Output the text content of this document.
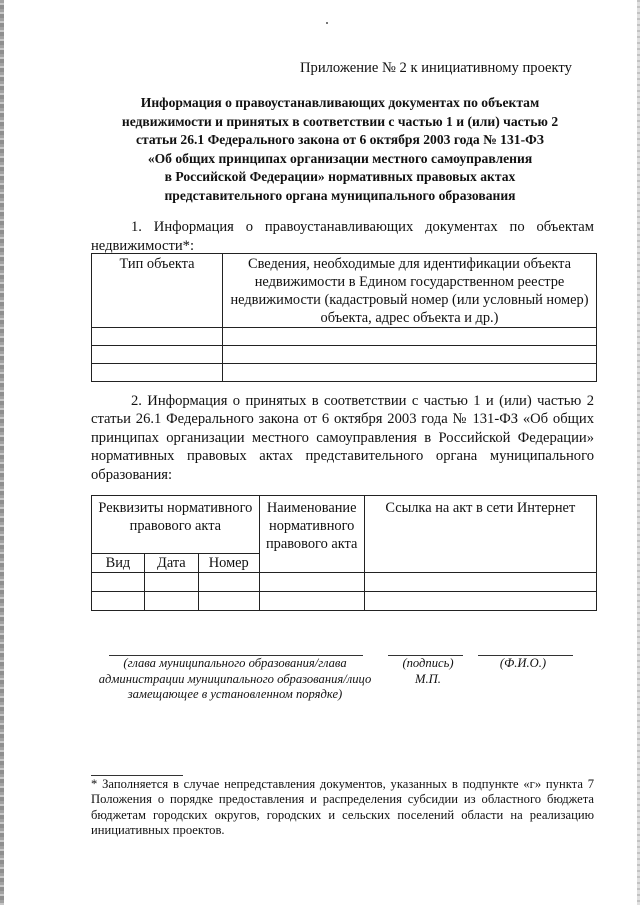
Приложение № 2 к инициативному проекту
Информация о правоустанавливающих документах по объектам
недвижимости и принятых в соответствии с частью 1 и (или) частью 2
статьи 26.1 Федерального закона от 6 октября 2003 года № 131-ФЗ
«Об общих принципах организации местного самоуправления
в Российской Федерации» нормативных правовых актах
представительного органа муниципального образования
1. Информация о правоустанавливающих документах по объектам недвижимости*:
Тип объекта	Сведения, необходимые для идентификации объекта недвижимости в Едином государственном реестре недвижимости (кадастровый номер (или условный номер) объекта, адрес объекта и др.)

2. Информация о принятых в соответствии с частью 1 и (или) частью 2 статьи 26.1 Федерального закона от 6 октября 2003 года № 131-ФЗ «Об общих принципах организации местного самоуправления в Российской Федерации» нормативных правовых актах представительного органа муниципального образования:
Реквизиты нормативного правового акта			Наименование нормативного правового акта	Ссылка на акт в сети Интернет
Вид	Дата	Номер		

(глава муниципального образования/глава администрации муниципального образования/лицо замещающее в установленном порядке)
(подпись)
М.П.
(Ф.И.О.)
* Заполняется в случае непредставления документов, указанных в подпункте «г» пункта 7 Положения о порядке предоставления и распределения субсидии из областного бюджета бюджетам городских округов, городских и сельских поселений области на реализацию инициативных проектов.
